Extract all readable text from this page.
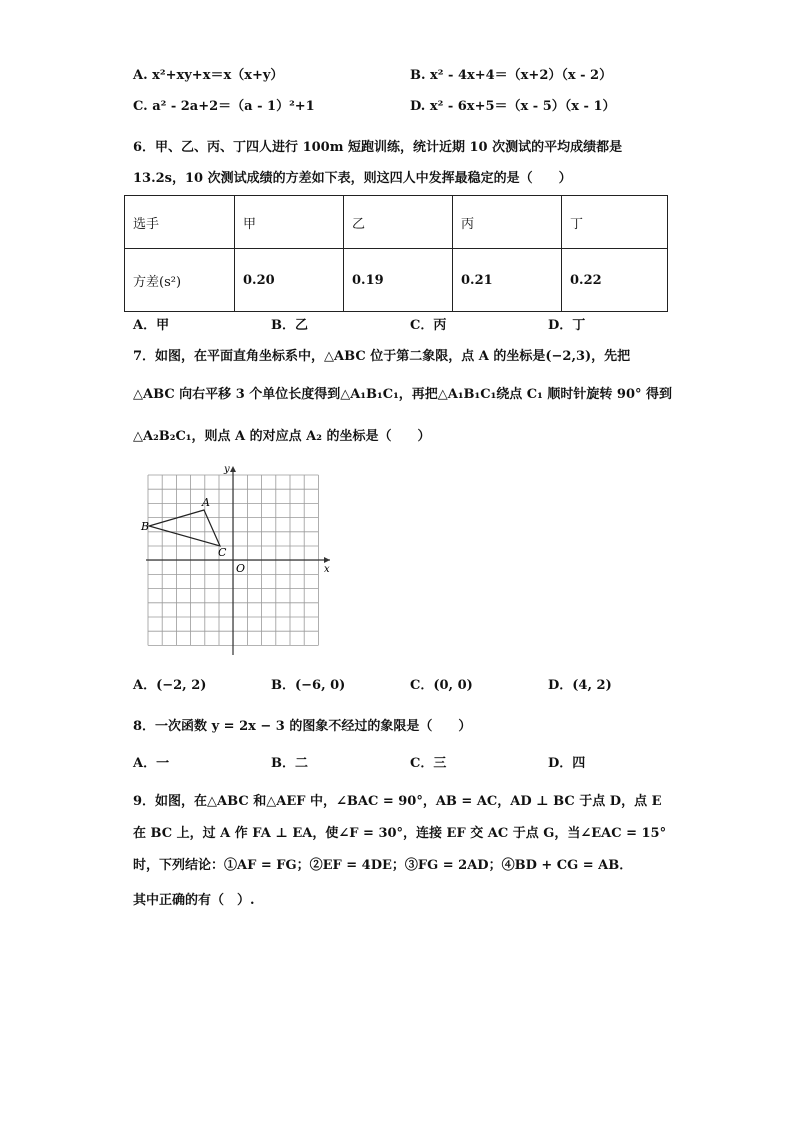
A. x²+xy+x＝x（x+y）	B. x² - 4x+4＝（x+2）（x - 2）
C. a² - 2a+2＝（a - 1）²+1	D. x² - 6x+5＝（x - 5）（x - 1）
6．甲、乙、丙、丁四人进行 100m 短跑训练，统计近期 10 次测试的平均成绩都是
13.2s，10 次测试成绩的方差如下表，则这四人中发挥最稳定的是（　　）
选手	甲	乙	丙	丁
方差(s²)	0.20	0.19	0.21	0.22
A．甲	B．乙	C．丙	D．丁
7．如图，在平面直角坐标系中，△ABC 位于第二象限，点 A 的坐标是(−2,3)，先把
△ABC 向右平移 3 个单位长度得到△A₁B₁C₁，再把△A₁B₁C₁绕点 C₁ 顺时针旋转 90° 得到
△A₂B₂C₁，则点 A 的对应点 A₂ 的坐标是（　　）
A
B
C
O	x
y
A．(−2, 2)	B．(−6, 0)	C．(0, 0)	D．(4, 2)
8．一次函数 y = 2x − 3 的图象不经过的象限是（　　）
A．一	B．二	C．三	D．四
9．如图，在△ABC 和△AEF 中，∠BAC = 90°，AB = AC，AD ⊥ BC 于点 D，点 E
在 BC 上，过 A 作 FA ⊥ EA，使∠F = 30°，连接 EF 交 AC 于点 G，当∠EAC = 15°
时，下列结论：①AF = FG；②EF = 4DE；③FG = 2AD；④BD + CG = AB．
其中正确的有（　）.
